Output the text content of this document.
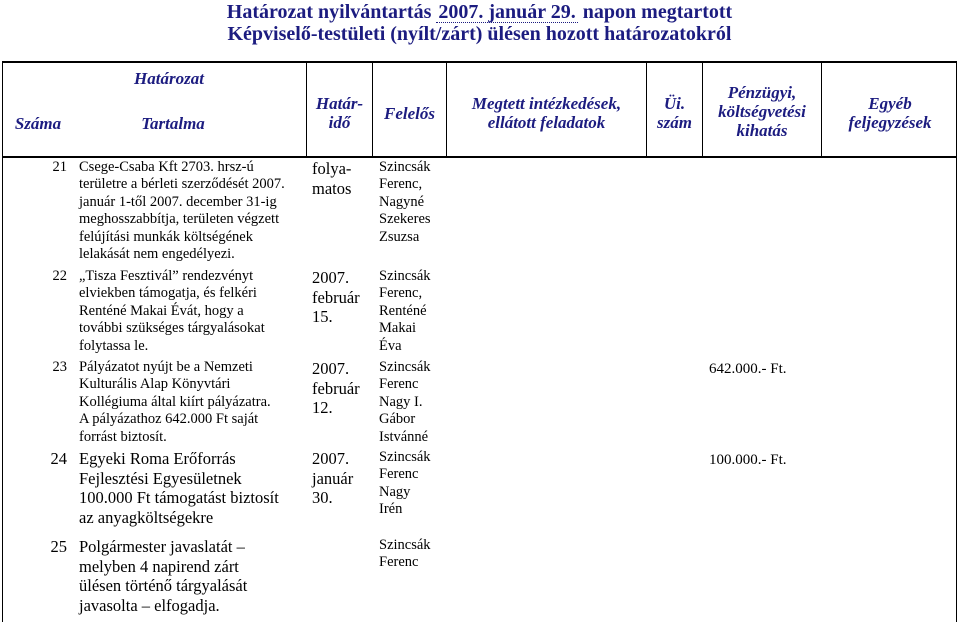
Határozat nyilvántartás 2007. január 29. napon megtartott
Képviselő-testületi (nyílt/zárt) ülésen hozott határozatokról
Határozat
Száma	Tartalma
Határ-
idő	Felelős
Megtett intézkedések,
ellátott feladatok
Üi.
szám
Pénzügyi,
költségvetési
kihatás
Egyéb
feljegyzések
21 Csege-Csaba Kft 2703. hrsz-ú
területre a bérleti szerződését 2007.
január 1-től 2007. december 31-ig
meghosszabbítja, területen végzett
felújítási munkák költségének
lelakását nem engedélyezi.
folya-
matos
Szincsák
Ferenc,
Nagyné
Szekeres
Zsuzsa
22 „Tisza Fesztivál” rendezvényt
elviekben támogatja, és felkéri
Renténé Makai Évát, hogy a
további szükséges tárgyalásokat
folytassa le.
2007.
február
15.
Szincsák
Ferenc,
Renténé
Makai
Éva
23 Pályázatot nyújt be a Nemzeti
Kulturális Alap Könyvtári
Kollégiuma által kiírt pályázatra.
A pályázathoz 642.000 Ft saját
forrást biztosít.
2007.
február
12.
Szincsák
Ferenc
Nagy I.
Gábor
Istvánné
642.000.- Ft.
24 Egyeki Roma Erőforrás
Fejlesztési Egyesületnek
100.000 Ft támogatást biztosít
az anyagköltségekre
2007.
január
30.
Szincsák
Ferenc
Nagy
Irén
100.000.- Ft.
25 Polgármester javaslatát –
melyben 4 napirend zárt
ülésen történő tárgyalását
javasolta – elfogadja.
Szincsák
Ferenc
